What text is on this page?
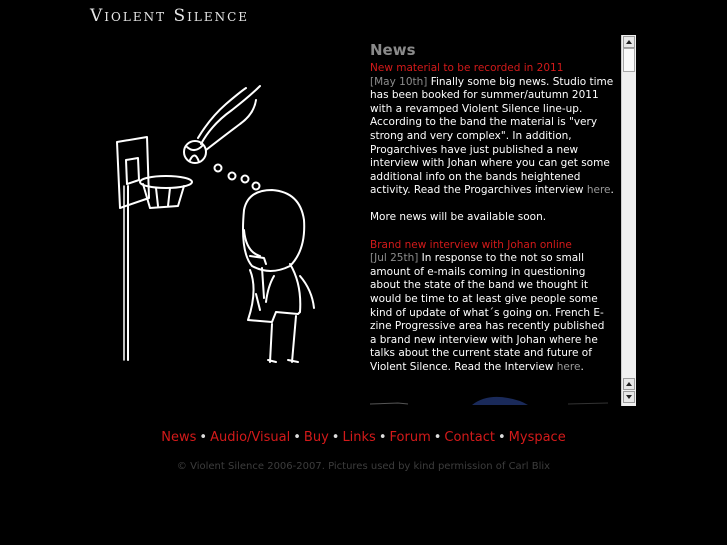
Violent Silence
News
New material to be recorded in 2011
[May 10th] Finally some big news. Studio time has been booked for summer/autumn 2011 with a revamped Violent Silence line-up. According to the band the material is "very strong and very complex". In addition, Progarchives have just published a new interview with Johan where you can get some additional info on the bands heightened activity. Read the Progarchives interview here.
More news will be available soon.
Brand new interview with Johan online
[Jul 25th] In response to the not so small amount of e-mails coming in questioning about the state of the band we thought it would be time to at least give people some kind of update of what´s going on. French E-zine Progressive area has recently published a brand new interview with Johan where he talks about the current state and future of Violent Silence. Read the Interview here.
News • Audio/Visual • Buy • Links • Forum • Contact • Myspace
© Violent Silence 2006-2007. Pictures used by kind permission of Carl Blix
